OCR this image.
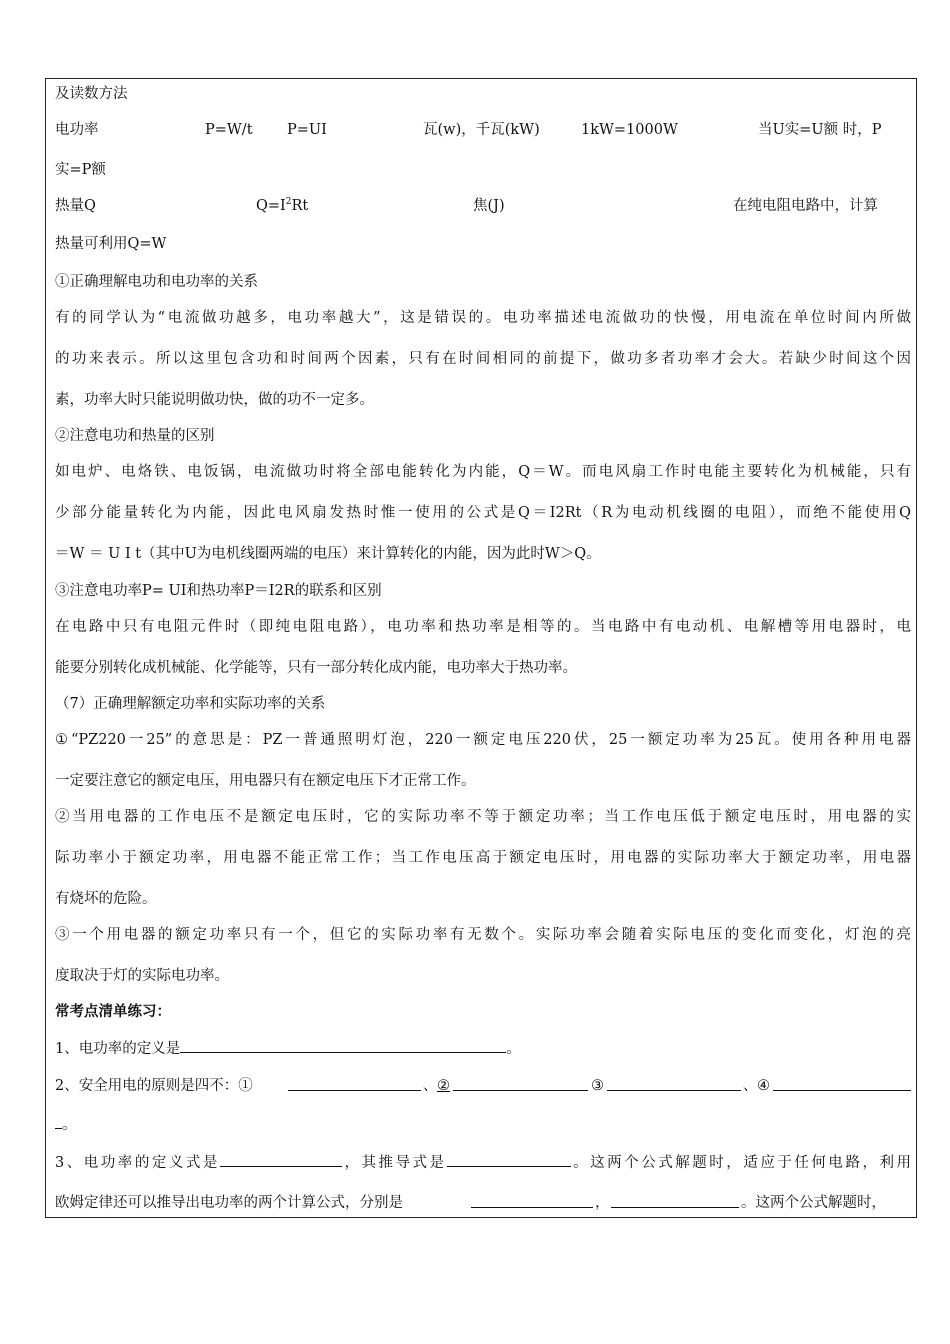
及读数方法
电功率	P=W/t P=UI	瓦(w)，千瓦(kW)	1kW=1000W	当U实=U额 时，P
实=P额
热量Q	$Q=I^2Rt$	焦(J)	在纯电阻电路中，计算
热量可利用Q=W
①正确理解电功和电功率的关系
有的同学认为“电流做功越多，电功率越大”，这是错误的。电功率描述电流做功的快慢，用电流在单位时间内所做
的功来表示。所以这里包含功和时间两个因素，只有在时间相同的前提下，做功多者功率才会大。若缺少时间这个因
素，功率大时只能说明做功快，做的功不一定多。
②注意电功和热量的区别
如电炉、电烙铁、电饭锅，电流做功时将全部电能转化为内能，Q＝W。而电风扇工作时电能主要转化为机械能，只有
少部分能量转化为内能，因此电风扇发热时惟一使用的公式是Q＝I2Rt（R为电动机线圈的电阻），而绝不能使用Q
＝W ＝ U I t（其中U为电机线圈两端的电压）来计算转化的内能，因为此时W＞Q。
③注意电功率P= UI和热功率P＝I2R的联系和区别
在电路中只有电阻元件时（即纯电阻电路），电功率和热功率是相等的。当电路中有电动机、电解槽等用电器时，电
能要分别转化成机械能、化学能等，只有一部分转化成内能，电功率大于热功率。
（7）正确理解额定功率和实际功率的关系
①“PZ220一25”的意思是：PZ一普通照明灯泡，220一额定电压220伏，25一额定功率为25瓦。使用各种用电器
一定要注意它的额定电压，用电器只有在额定电压下才正常工作。
②当用电器的工作电压不是额定电压时，它的实际功率不等于额定功率；当工作电压低于额定电压时，用电器的实
际功率小于额定功率，用电器不能正常工作；当工作电压高于额定电压时，用电器的实际功率大于额定功率，用电器
有烧坏的危险。
③一个用电器的额定功率只有一个，但它的实际功率有无数个。实际功率会随着实际电压的变化而变化，灯泡的亮
度取决于灯的实际电功率。
常考点清单练习：
1、电功率的定义是	。
2、安全用电的原则是四不：①	、 ②	③	、 ④
。
3、电功率的定义式是	，其推导式是	。这两个公式解题时，适应于任何电路，利用
欧姆定律还可以推导出电功率的两个计算公式，分别是	，	。这两个公式解题时，
